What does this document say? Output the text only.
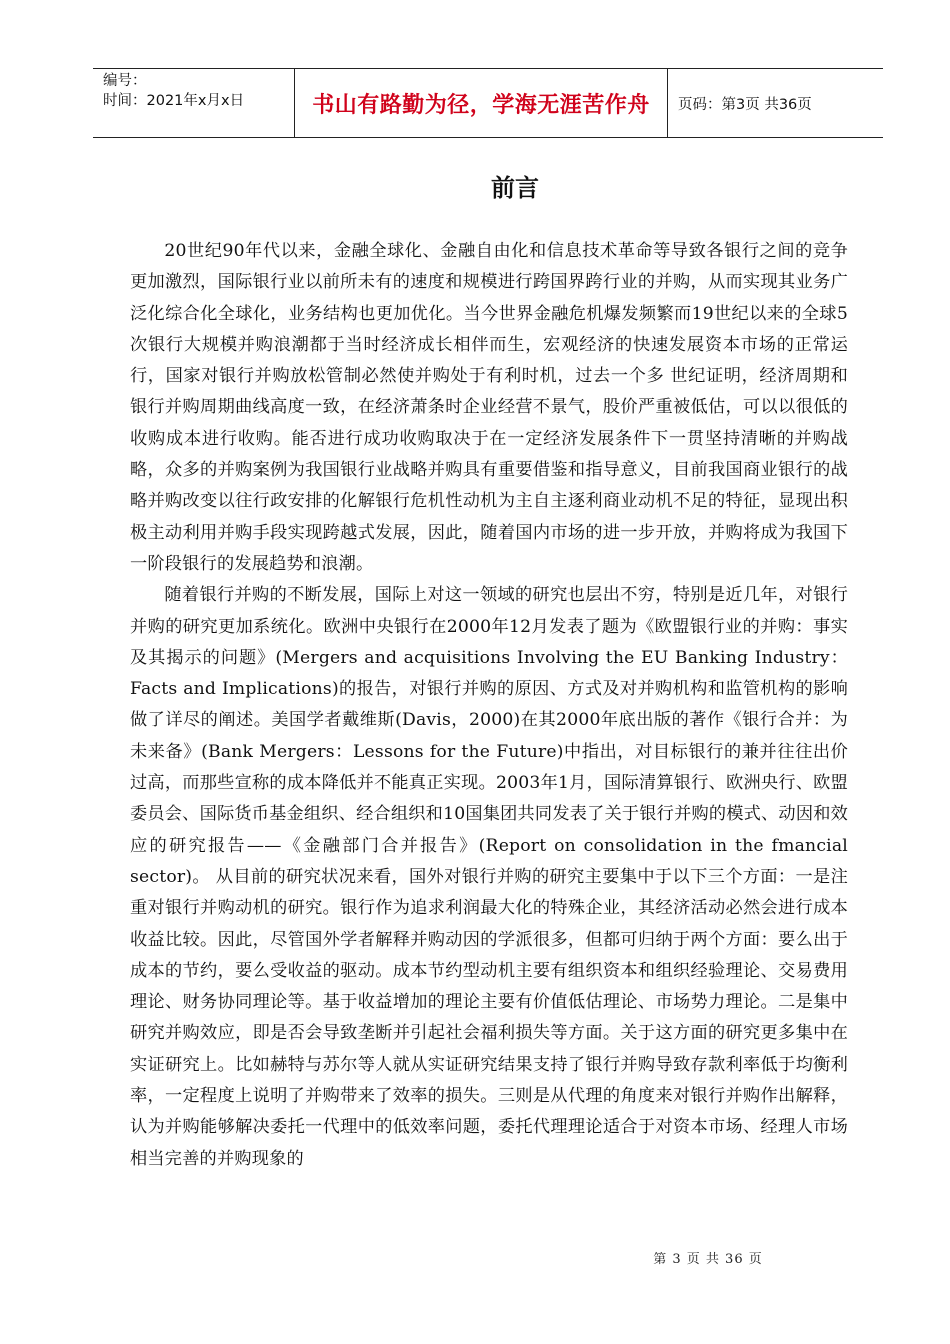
编号：
时间：2021年x月x日	书山有路勤为径，学海无涯苦作舟	页码：第3页 共36页
前言

20世纪90年代以来，金融全球化、金融自由化和信息技术革命等导致各银行之间的竞争更加激烈，国际银行业以前所未有的速度和规模进行跨国界跨行业的并购，从而实现其业务广泛化综合化全球化，业务结构也更加优化。当今世界金融危机爆发频繁而19世纪以来的全球5次银行大规模并购浪潮都于当时经济成长相伴而生，宏观经济的快速发展资本市场的正常运行，国家对银行并购放松管制必然使并购处于有利时机，过去一个多 世纪证明，经济周期和银行并购周期曲线高度一致，在经济萧条时企业经营不景气，股价严重被低估，可以以很低的收购成本进行收购。能否进行成功收购取决于在一定经济发展条件下一贯坚持清晰的并购战略，众多的并购案例为我国银行业战略并购具有重要借鉴和指导意义，目前我国商业银行的战略并购改变以往行政安排的化解银行危机性动机为主自主逐利商业动机不足的特征，显现出积极主动利用并购手段实现跨越式发展，因此，随着国内市场的进一步开放，并购将成为我国下一阶段银行的发展趋势和浪潮。

随着银行并购的不断发展，国际上对这一领域的研究也层出不穷，特别是近几年，对银行并购的研究更加系统化。欧洲中央银行在2000年12月发表了题为《欧盟银行业的并购：事实及其揭示的问题》(Mergers and acquisitions Involving the EU Banking Industry：Facts and Implications)的报告，对银行并购的原因、方式及对并购机构和监管机构的影响做了详尽的阐述。美国学者戴维斯(Davis，2000)在其2000年底出版的著作《银行合并：为未来备》(Bank Mergers：Lessons for the Future)中指出，对目标银行的兼并往往出价过高，而那些宣称的成本降低并不能真正实现。2003年1月，国际清算银行、欧洲央行、欧盟委员会、国际货币基金组织、经合组织和10国集团共同发表了关于银行并购的模式、动因和效应的研究报告——《金融部门合并报告》(Report on consolidation in the fmancial sector)。 从目前的研究状况来看，国外对银行并购的研究主要集中于以下三个方面：一是注重对银行并购动机的研究。银行作为追求利润最大化的特殊企业，其经济活动必然会进行成本收益比较。因此，尽管国外学者解释并购动因的学派很多，但都可归纳于两个方面：要么出于成本的节约，要么受收益的驱动。成本节约型动机主要有组织资本和组织经验理论、交易费用理论、财务协同理论等。基于收益增加的理论主要有价值低估理论、市场势力理论。二是集中研究并购效应，即是否会导致垄断并引起社会福利损失等方面。关于这方面的研究更多集中在实证研究上。比如赫特与苏尔等人就从实证研究结果支持了银行并购导致存款利率低于均衡利率，一定程度上说明了并购带来了效率的损失。三则是从代理的角度来对银行并购作出解释，认为并购能够解决委托一代理中的低效率问题，委托代理理论适合于对资本市场、经理人市场相当完善的并购现象的

第 3 页 共 36 页
